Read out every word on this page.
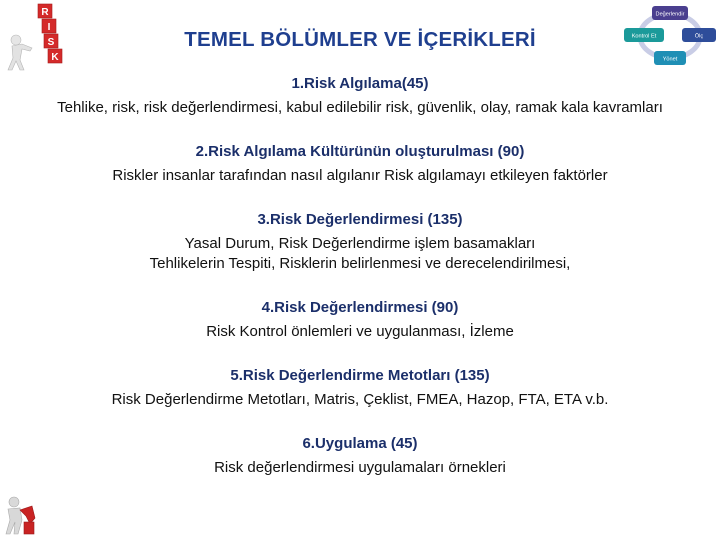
R
I
S
K
Değerlendir
Ölç
Yönet
Kontrol Et
TEMEL BÖLÜMLER VE İÇERİKLERİ
1.Risk Algılama(45)
Tehlike, risk, risk değerlendirmesi, kabul edilebilir risk, güvenlik, olay, ramak kala kavramları
2.Risk Algılama Kültürünün oluşturulması (90)
Riskler insanlar tarafından nasıl algılanır Risk algılamayı etkileyen faktörler
3.Risk Değerlendirmesi (135)
Yasal Durum, Risk Değerlendirme işlem basamakları
Tehlikelerin Tespiti, Risklerin belirlenmesi ve derecelendirilmesi,
4.Risk Değerlendirmesi (90)
Risk Kontrol önlemleri ve uygulanması, İzleme
5.Risk Değerlendirme Metotları (135)
Risk Değerlendirme Metotları, Matris, Çeklist, FMEA, Hazop, FTA, ETA v.b.
6.Uygulama (45)
Risk değerlendirmesi uygulamaları örnekleri
